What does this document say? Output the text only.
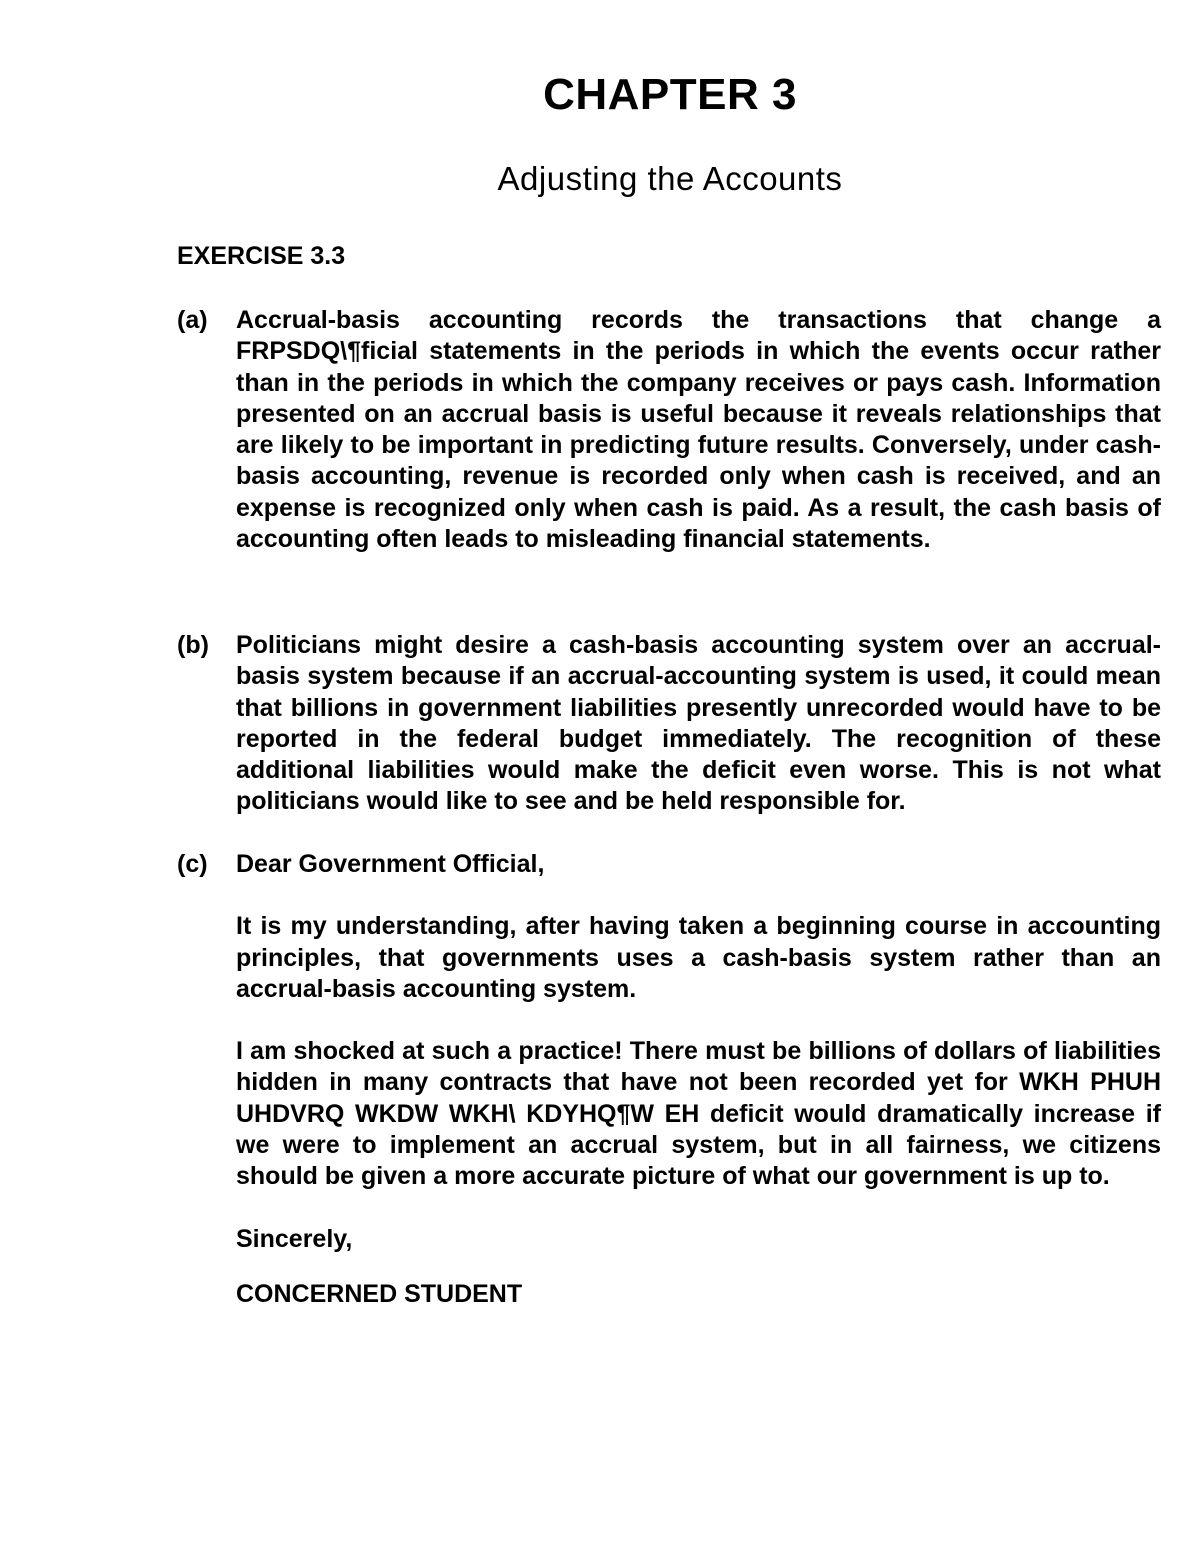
CHAPTER 3
Adjusting the Accounts
EXERCISE 3.3
(a) Accrual-basis accounting records the transactions that change a FRPSDQ\¶ficial statements in the periods in which the events occur rather than in the periods in which the company receives or pays cash. Information presented on an accrual basis is useful because it reveals relationships that are likely to be important in predicting future results. Conversely, under cash-basis accounting, revenue is recorded only when cash is received, and an expense is recognized only when cash is paid. As a result, the cash basis of accounting often leads to misleading financial statements.
(b) Politicians might desire a cash-basis accounting system over an accrual-basis system because if an accrual-accounting system is used, it could mean that billions in government liabilities presently unrecorded would have to be reported in the federal budget immediately. The recognition of these additional liabilities would make the deficit even worse. This is not what politicians would like to see and be held responsible for.
(c) Dear Government Official,

It is my understanding, after having taken a beginning course in accounting principles, that governments uses a cash-basis system rather than an accrual-basis accounting system.

I am shocked at such a practice! There must be billions of dollars of liabilities hidden in many contracts that have not been recorded yet for WKH PHUH UHDVRQ WKDW WKH\ KDYHQ¶W EH deficit would dramatically increase if we were to implement an accrual system, but in all fairness, we citizens should be given a more accurate picture of what our government is up to.

Sincerely,

CONCERNED STUDENT
